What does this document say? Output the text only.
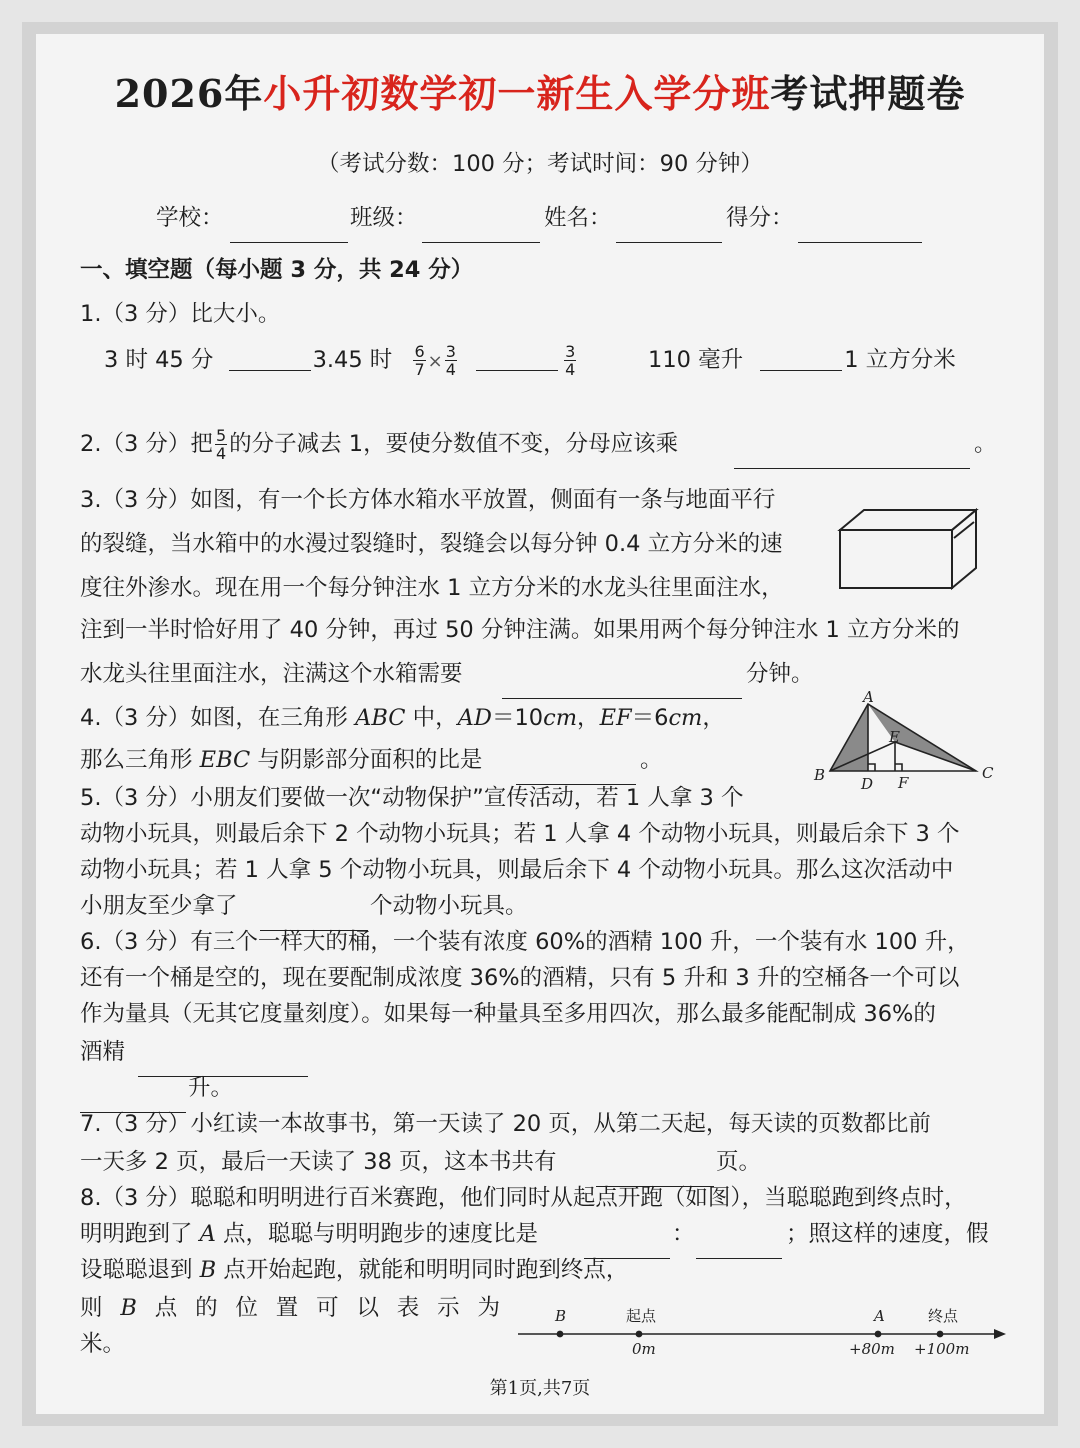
2026年小升初数学初一新生入学分班考试押题卷
（考试分数：100 分；考试时间：90 分钟）
学校：	班级：	姓名：	得分：
一、填空题（每小题 3 分，共 24 分）
1.（3 分）比大小。
3 时 45 分	3.45 时 $\frac{6}{7} \times \frac{3}{4}$
	$\frac{3}{4}$	110 毫升	1 立方分米
2.（3 分）把 $\frac{5}{4}$ 的分子减去 1，要使分数值不变，分母应该乘	。
3.（3 分）如图，有一个长方体水箱水平放置，侧面有一条与地面平行
的裂缝，当水箱中的水漫过裂缝时，裂缝会以每分钟 0.4 立方分米的速
度往外渗水。现在用一个每分钟注水 1 立方分米的水龙头往里面注水，
注到一半时恰好用了 40 分钟，再过 50 分钟注满。如果用两个每分钟注水 1 立方分米的
水龙头往里面注水，注满这个水箱需要	分钟。
4.（3 分）如图，在三角形 ABC 中，AD＝10cm，EF＝6cm，
那么三角形 EBC 与阴影部分面积的比是	。
A
B	C
D
E
F
5.（3 分）小朋友们要做一次“动物保护”宣传活动，若 1 人拿 3 个
动物小玩具，则最后余下 2 个动物小玩具；若 1 人拿 4 个动物小玩具，则最后余下 3 个
动物小玩具；若 1 人拿 5 个动物小玩具，则最后余下 4 个动物小玩具。那么这次活动中
小朋友至少拿了	个动物小玩具。
6.（3 分）有三个一样大的桶，一个装有浓度 60%的酒精 100 升，一个装有水 100 升，
还有一个桶是空的，现在要配制成浓度 36%的酒精，只有 5 升和 3 升的空桶各一个可以
作为量具（无其它度量刻度）。如果每一种量具至多用四次，那么最多能配制成 36%的
酒精
升。
7.（3 分）小红读一本故事书，第一天读了 20 页，从第二天起，每天读的页数都比前
一天多 2 页，最后一天读了 38 页，这本书共有	页。
8.（3 分）聪聪和明明进行百米赛跑，他们同时从起点开跑（如图），当聪聪跑到终点时，
明明跑到了 A 点，聪聪与明明跑步的速度比是	：	；照这样的速度，假
设聪聪退到 B 点开始起跑，就能和明明同时跑到终点，
则 B 点 的 位 置 可 以 表 示 为
米。
B	起点
0m
A
+80m
终点
+100m
第1页,共7页
